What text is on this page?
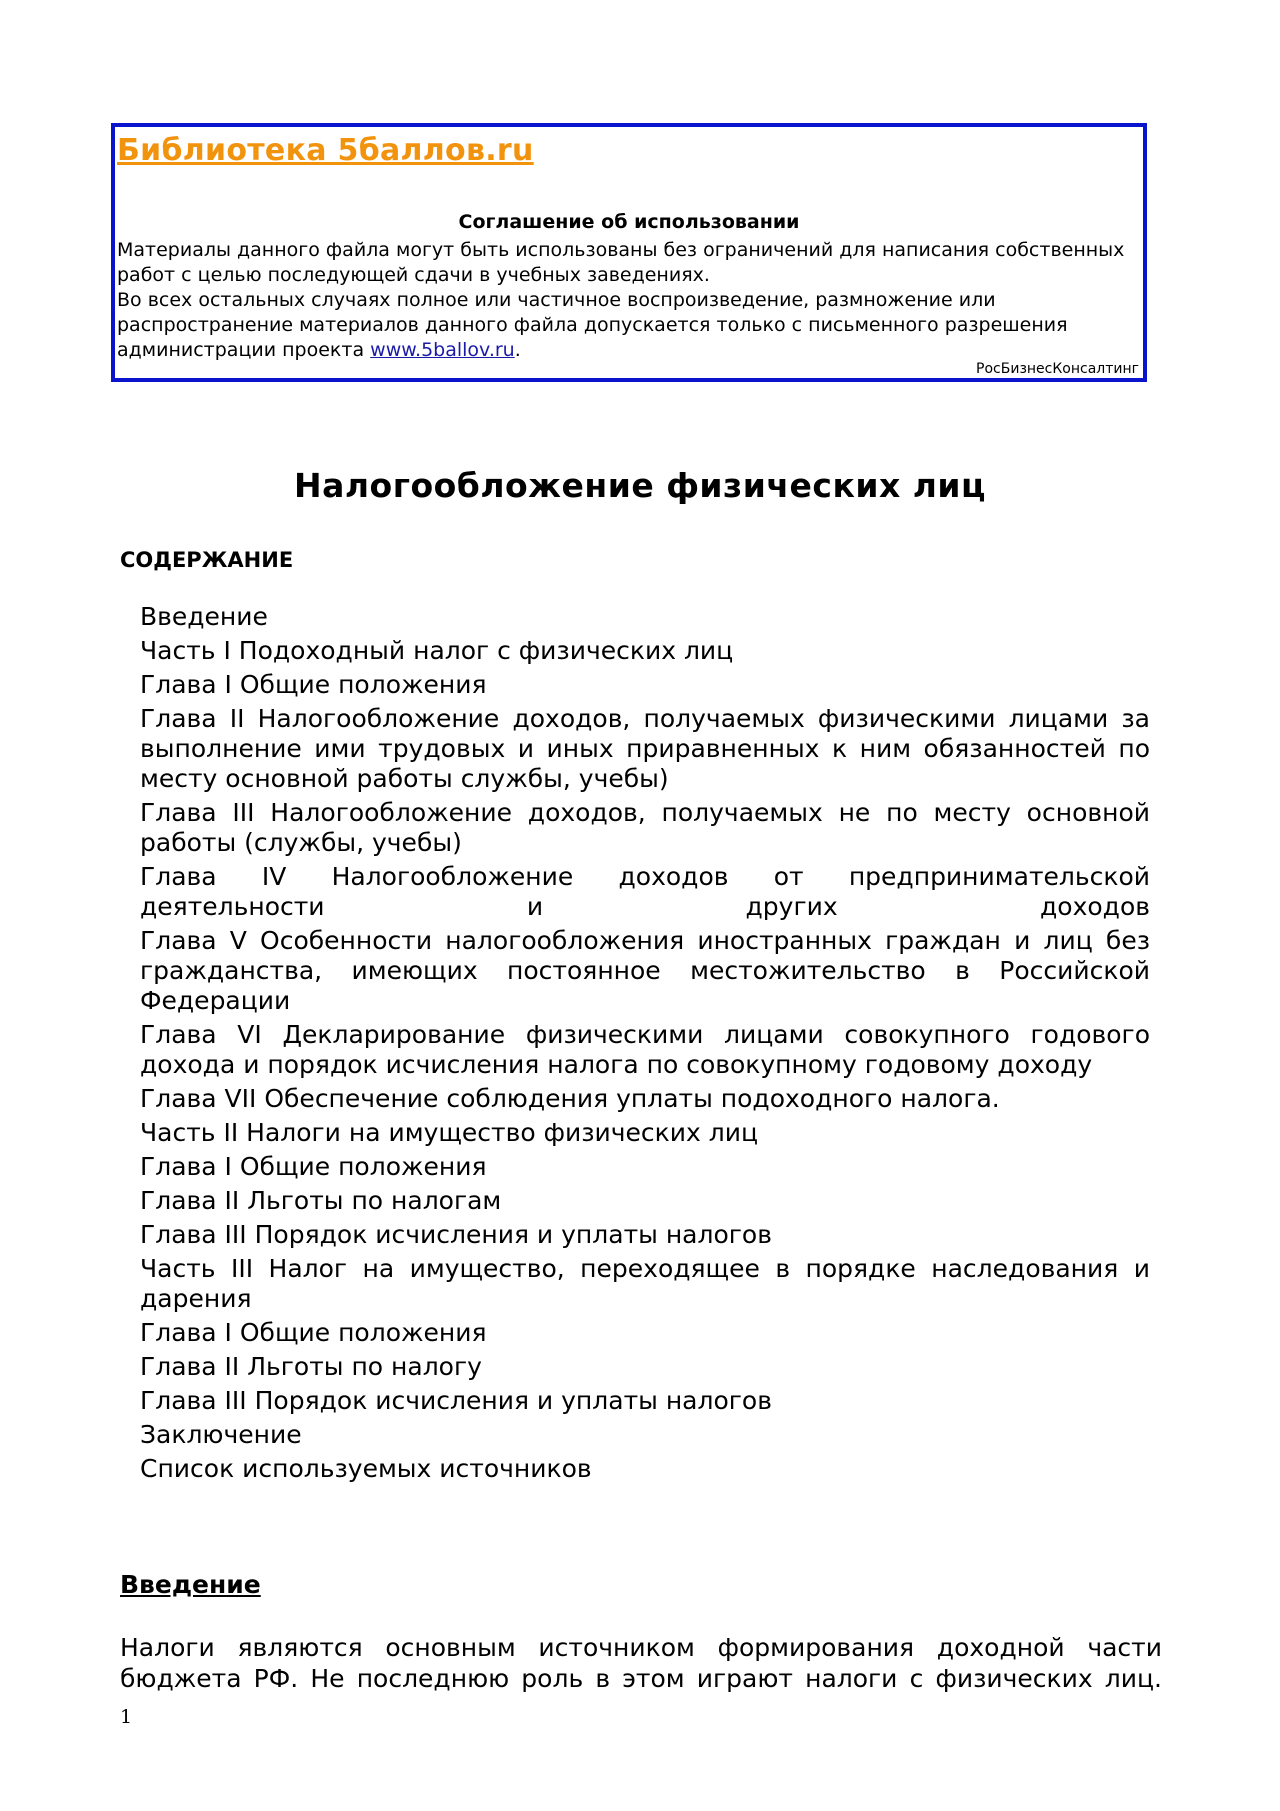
Библиотека 5баллов.ru
Соглашение об использовании

Материалы данного файла могут быть использованы без ограничений для написания собственных работ с целью последующей сдачи в учебных заведениях.

Во всех остальных случаях полное или частичное воспроизведение, размножение или распространение материалов данного файла допускается только с письменного разрешения администрации проекта www.5ballov.ru.

РосБизнесКонсалтинг
Налогообложение физических лиц
СОДЕРЖАНИЕ
Введение
Часть I Подоходный налог с физических лиц
Глава I Общие положения
Глава II Налогообложение доходов, получаемых физическими лицами за выполнение ими трудовых и иных приравненных к ним обязанностей по месту основной работы службы, учебы)
Глава III Налогообложение доходов, получаемых не по месту основной работы (службы, учебы)
Глава IV Налогообложение доходов от предпринимательской деятельности и других доходов
Глава V Особенности налогообложения иностранных граждан и лиц без гражданства, имеющих постоянное местожительство в Российской Федерации
Глава VI Декларирование физическими лицами совокупного годового дохода и порядок исчисления налога по совокупному годовому доходу
Глава VII Обеспечение соблюдения уплаты подоходного налога.
Часть II Налоги на имущество физических лиц
Глава I Общие положения
Глава II Льготы по налогам
Глава III Порядок исчисления и уплаты налогов
Часть III Налог на имущество, переходящее в порядке наследования и дарения
Глава I Общие положения
Глава II Льготы по налогу
Глава III Порядок исчисления и уплаты налогов
Заключение
Список используемых источников
Введение
Налоги являются основным источником формирования доходной части бюджета РФ. Не последнюю роль в этом играют налоги с физических лиц.
1
